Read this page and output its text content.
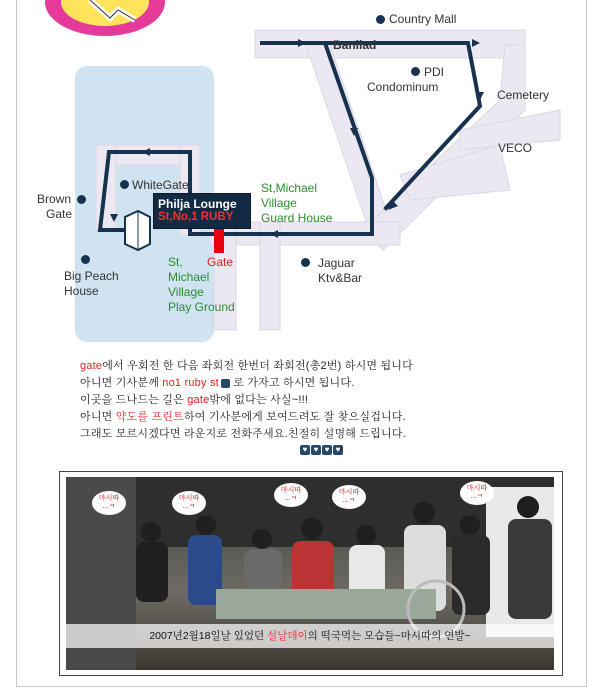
Banilad
Country Mall
PDI
Condominum
Cemetery
VECO
Brown
Gate
WhiteGate	St,Michael
Village
Guard House
Gate	Jaguar
Ktv&Bar
Big Peach
House
St,
Michael
Village
Play Ground
Philja Lounge
St,No,1 RUBY

gate에서 우회전 한 다음 좌회전 한번더 좌회전(총2번) 하시면 됩니다

아니면 기사분께 no1 ruby st 로 가자고 하시면 됩니다.

이곳을 드나드는 길은 gate밖에 없다는 사실~!!!

아니면 약도를 프린트하여 기사분에게 보여드려도 잘 찾으실겁니다.

그래도 모르시겠다면 라운지로 전화주세요.친절히 설명해 드립니다.

♥ ♥ ♥ ♥
마시따
...ㅋ
마시따
...ㅋ
마시따
...ㅋ
마시따
...ㅋ
마시따
...ㅋ
2007년2월18일날 있었던 설날데이의 떡국먹는 모습들~마시따의 연발~
